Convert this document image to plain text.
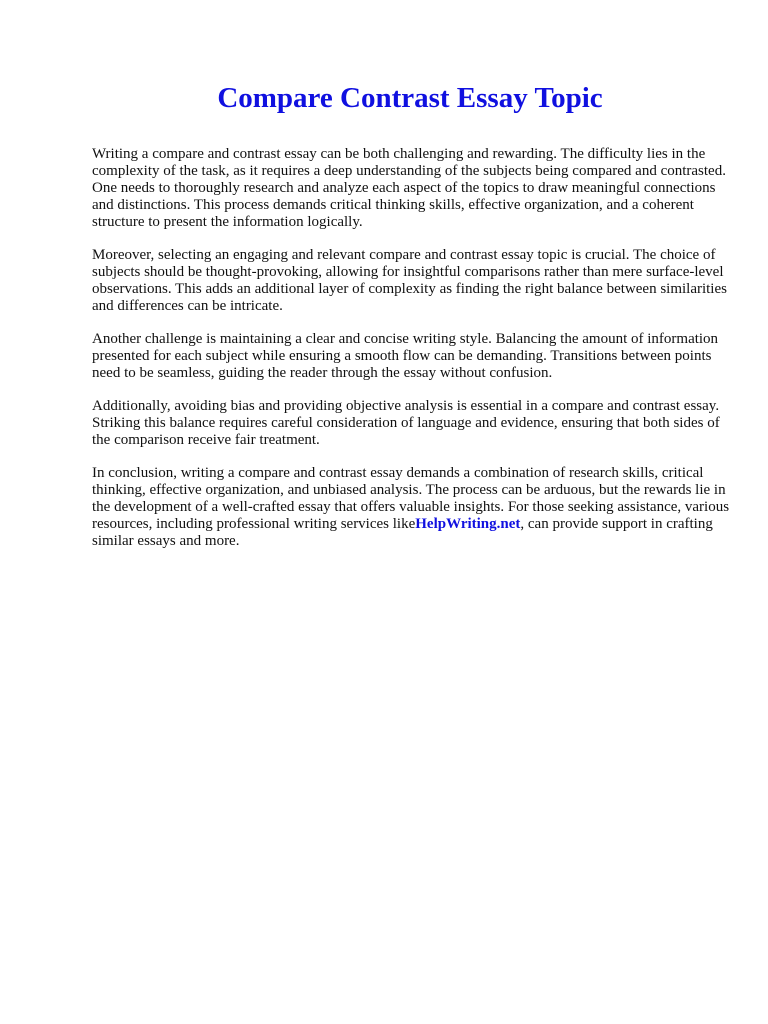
Compare Contrast Essay Topic

Writing a compare and contrast essay can be both challenging and rewarding. The difficulty lies in the complexity of the task, as it requires a deep understanding of the subjects being compared and contrasted. One needs to thoroughly research and analyze each aspect of the topics to draw meaningful connections and distinctions. This process demands critical thinking skills, effective organization, and a coherent structure to present the information logically.

Moreover, selecting an engaging and relevant compare and contrast essay topic is crucial. The choice of subjects should be thought-provoking, allowing for insightful comparisons rather than mere surface-level observations. This adds an additional layer of complexity as finding the right balance between similarities and differences can be intricate.

Another challenge is maintaining a clear and concise writing style. Balancing the amount of information presented for each subject while ensuring a smooth flow can be demanding. Transitions between points need to be seamless, guiding the reader through the essay without confusion.

Additionally, avoiding bias and providing objective analysis is essential in a compare and contrast essay. Striking this balance requires careful consideration of language and evidence, ensuring that both sides of the comparison receive fair treatment.

In conclusion, writing a compare and contrast essay demands a combination of research skills, critical thinking, effective organization, and unbiased analysis. The process can be arduous, but the rewards lie in the development of a well-crafted essay that offers valuable insights. For those seeking assistance, various resources, including professional writing services likeHelpWriting.net, can provide support in crafting similar essays and more.
